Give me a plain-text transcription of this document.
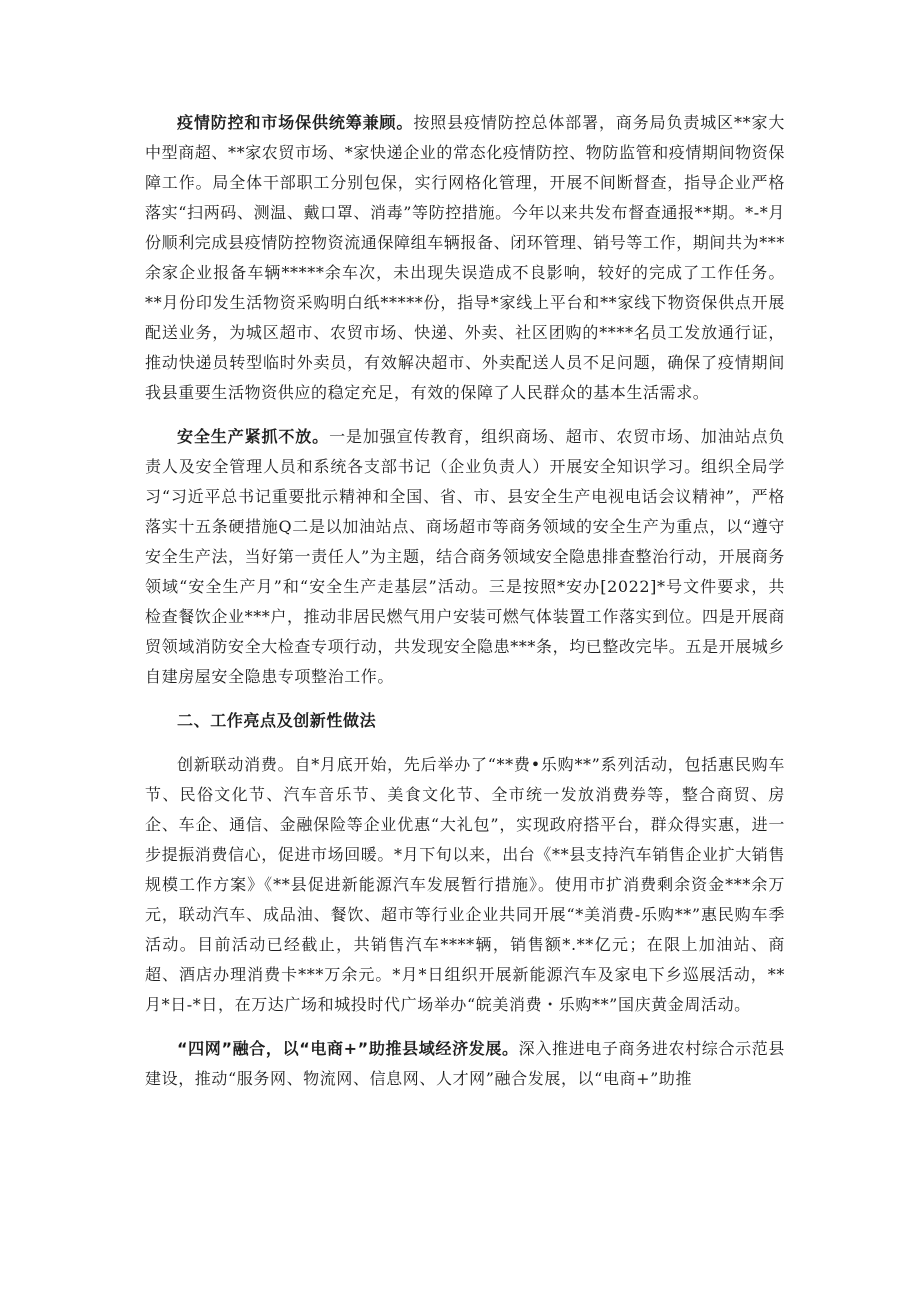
疫情防控和市场保供统筹兼顾。按照县疫情防控总体部署，商务局负责城区**家大中型商超、**家农贸市场、*家快递企业的常态化疫情防控、物防监管和疫情期间物资保障工作。局全体干部职工分别包保，实行网格化管理，开展不间断督查，指导企业严格落实“扫两码、测温、戴口罩、消毒”等防控措施。今年以来共发布督查通报**期。*-*月份顺利完成县疫情防控物资流通保障组车辆报备、闭环管理、销号等工作，期间共为***余家企业报备车辆*****余车次，未出现失误造成不良影响，较好的完成了工作任务。**月份印发生活物资采购明白纸*****份，指导*家线上平台和**家线下物资保供点开展配送业务，为城区超市、农贸市场、快递、外卖、社区团购的****名员工发放通行证，推动快递员转型临时外卖员，有效解决超市、外卖配送人员不足问题，确保了疫情期间我县重要生活物资供应的稳定充足，有效的保障了人民群众的基本生活需求。

安全生产紧抓不放。一是加强宣传教育，组织商场、超市、农贸市场、加油站点负责人及安全管理人员和系统各支部书记（企业负责人）开展安全知识学习。组织全局学习“习近平总书记重要批示精神和全国、省、市、县安全生产电视电话会议精神”，严格落实十五条硬措施Q二是以加油站点、商场超市等商务领域的安全生产为重点，以“遵守安全生产法，当好第一责任人”为主题，结合商务领域安全隐患排查整治行动，开展商务领域“安全生产月”和“安全生产走基层”活动。三是按照*安办[2022]*号文件要求，共检查餐饮企业***户，推动非居民燃气用户安装可燃气体装置工作落实到位。四是开展商贸领域消防安全大检查专项行动，共发现安全隐患***条，均已整改完毕。五是开展城乡自建房屋安全隐患专项整治工作。

二、工作亮点及创新性做法

创新联动消费。自*月底开始，先后举办了“**费•乐购**”系列活动，包括惠民购车节、民俗文化节、汽车音乐节、美食文化节、全市统一发放消费券等，整合商贸、房企、车企、通信、金融保险等企业优惠“大礼包”，实现政府搭平台，群众得实惠，进一步提振消费信心，促进市场回暖。*月下旬以来，出台《**县支持汽车销售企业扩大销售规模工作方案》《**县促进新能源汽车发展暂行措施》。使用市扩消费剩余资金***余万元，联动汽车、成品油、餐饮、超市等行业企业共同开展“*美消费-乐购**”惠民购车季活动。目前活动已经截止，共销售汽车****辆，销售额*.**亿元；在限上加油站、商超、酒店办理消费卡***万余元。*月*日组织开展新能源汽车及家电下乡巡展活动，**月*日-*日，在万达广场和城投时代广场举办“皖美消费・乐购**”国庆黄金周活动。

“四网”融合，以“电商+”助推县域经济发展。深入推进电子商务进农村综合示范县建设，推动“服务网、物流网、信息网、人才网”融合发展，以“电商+”助推
